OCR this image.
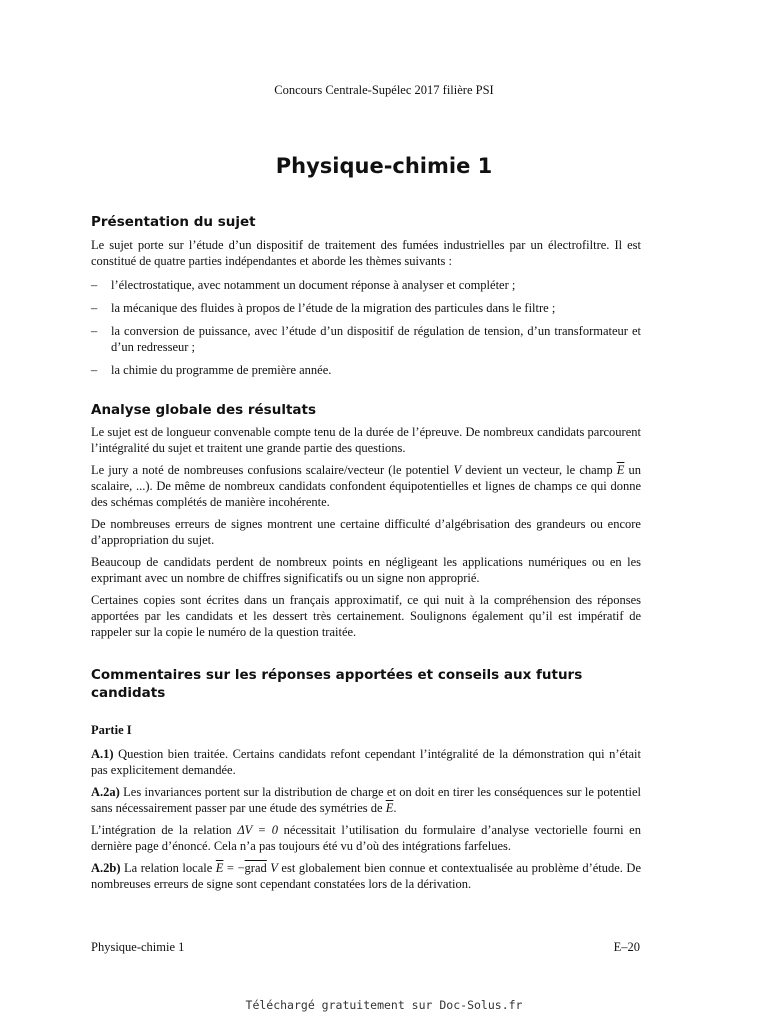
Concours Centrale-Supélec 2017 filière PSI
Physique-chimie 1
Présentation du sujet

Le sujet porte sur l’étude d’un dispositif de traitement des fumées industrielles par un électrofiltre. Il est constitué de quatre parties indépendantes et aborde les thèmes suivants :

– l’électrostatique, avec notamment un document réponse à analyser et compléter ;
– la mécanique des fluides à propos de l’étude de la migration des particules dans le filtre ;
– la conversion de puissance, avec l’étude d’un dispositif de régulation de tension, d’un transformateur et d’un redresseur ;
– la chimie du programme de première année.
Analyse globale des résultats

Le sujet est de longueur convenable compte tenu de la durée de l’épreuve. De nombreux candidats parcourent l’intégralité du sujet et traitent une grande partie des questions.

Le jury a noté de nombreuses confusions scalaire/vecteur (le potentiel V devient un vecteur, le champ $\overline{E}$ un scalaire, ...). De même de nombreux candidats confondent équipotentielles et lignes de champs ce qui donne des schémas complétés de manière incohérente.

De nombreuses erreurs de signes montrent une certaine difficulté d’algébrisation des grandeurs ou encore d’appropriation du sujet.

Beaucoup de candidats perdent de nombreux points en négligeant les applications numériques ou en les exprimant avec un nombre de chiffres significatifs ou un signe non approprié.

Certaines copies sont écrites dans un français approximatif, ce qui nuit à la compréhension des réponses apportées par les candidats et les dessert très certainement. Soulignons également qu’il est impératif de rappeler sur la copie le numéro de la question traitée.

Commentaires sur les réponses apportées et conseils aux futurs candidats
Partie I

A.1) Question bien traitée. Certains candidats refont cependant l’intégralité de la démonstration qui n’était pas explicitement demandée.

A.2a) Les invariances portent sur la distribution de charge et on doit en tirer les conséquences sur le potentiel sans nécessairement passer par une étude des symétries de $\overline{E}$.

L’intégration de la relation ΔV = 0 nécessitait l’utilisation du formulaire d’analyse vectorielle fourni en dernière page d’énoncé. Cela n’a pas toujours été vu d’où des intégrations farfelues.

A.2b) La relation locale $\overline{E}$ = −grad V est globalement bien connue et contextualisée au problème d’étude. De nombreuses erreurs de signe sont cependant constatées lors de la dérivation.

Physique-chimie 1	E–20
Téléchargé gratuitement sur Doc-Solus.fr
